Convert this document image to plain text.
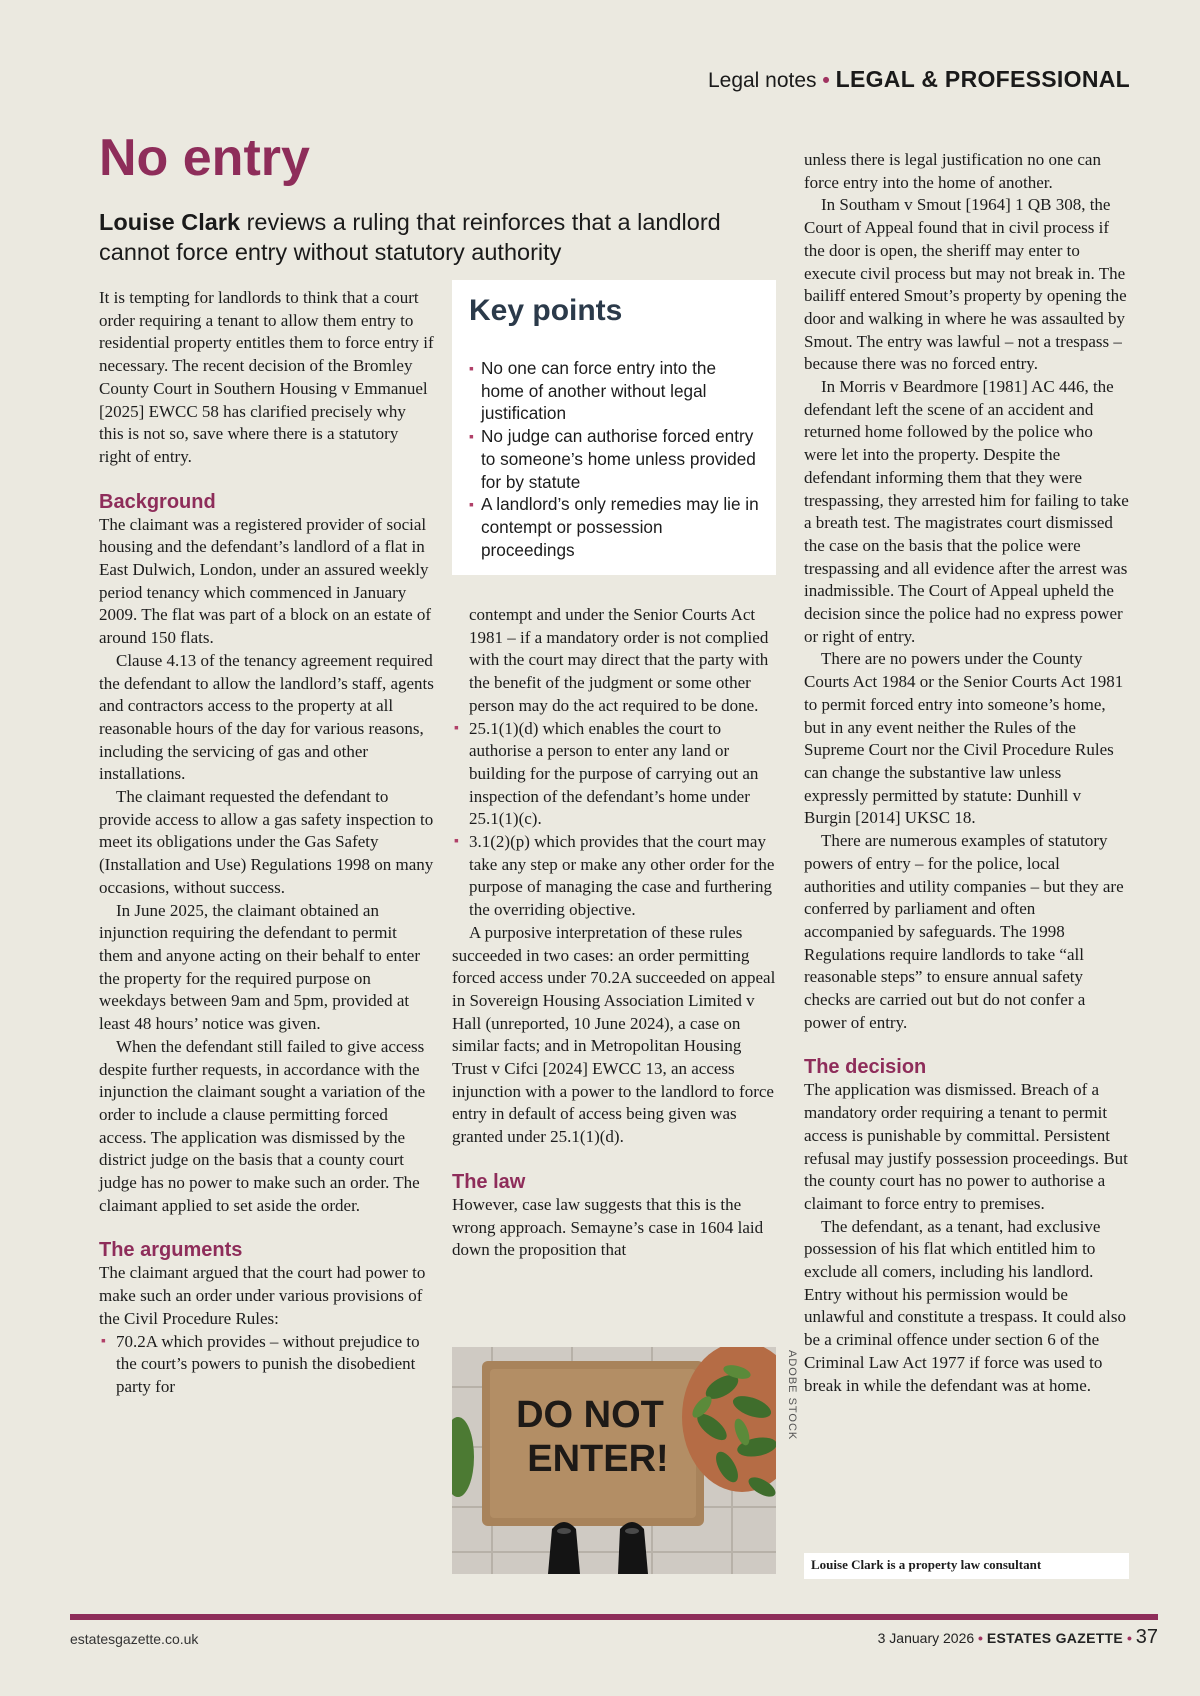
Legal notes • LEGAL & PROFESSIONAL
No entry

Louise Clark reviews a ruling that reinforces that a landlord cannot force entry without statutory authority

It is tempting for landlords to think that a court order requiring a tenant to allow them entry to residential property entitles them to force entry if necessary. The recent decision of the Bromley County Court in Southern Housing v Emmanuel [2025] EWCC 58 has clarified precisely why this is not so, save where there is a statutory right of entry.

Background

The claimant was a registered provider of social housing and the defendant’s landlord of a flat in East Dulwich, London, under an assured weekly period tenancy which commenced in January 2009. The flat was part of a block on an estate of around 150 flats.

Clause 4.13 of the tenancy agreement required the defendant to allow the landlord’s staff, agents and contractors access to the property at all reasonable hours of the day for various reasons, including the servicing of gas and other installations.

The claimant requested the defendant to provide access to allow a gas safety inspection to meet its obligations under the Gas Safety (Installation and Use) Regulations 1998 on many occasions, without success.

In June 2025, the claimant obtained an injunction requiring the defendant to permit them and anyone acting on their behalf to enter the property for the required purpose on weekdays between 9am and 5pm, provided at least 48 hours’ notice was given.

When the defendant still failed to give access despite further requests, in accordance with the injunction the claimant sought a variation of the order to include a clause permitting forced access. The application was dismissed by the district judge on the basis that a county court judge has no power to make such an order. The claimant applied to set aside the order.

The arguments

The claimant argued that the court had power to make such an order under various provisions of the Civil Procedure Rules:

▪ 70.2A which provides – without prejudice to the court’s powers to punish the disobedient party for
Key points
▪ No one can force entry into the home of another without legal justification
▪ No judge can authorise forced entry to someone’s home unless provided for by statute
▪ A landlord’s only remedies may lie in contempt or possession proceedings
contempt and under the Senior Courts Act 1981 – if a mandatory order is not complied with the court may direct that the party with the benefit of the judgment or some other person may do the act required to be done.
▪ 25.1(1)(d) which enables the court to authorise a person to enter any land or building for the purpose of carrying out an inspection of the defendant’s home under 25.1(1)(c).
▪ 3.1(2)(p) which provides that the court may take any step or make any other order for the purpose of managing the case and furthering the overriding objective.

A purposive interpretation of these rules succeeded in two cases: an order permitting forced access under 70.2A succeeded on appeal in Sovereign Housing Association Limited v Hall (unreported, 10 June 2024), a case on similar facts; and in Metropolitan Housing Trust v Cifci [2024] EWCC 13, an access injunction with a power to the landlord to force entry in default of access being given was granted under 25.1(1)(d).

The law

However, case law suggests that this is the wrong approach. Semayne’s case in 1604 laid down the proposition that

DO NOT
ENTER!
ADOBE STOCK

unless there is legal justification no one can force entry into the home of another.

In Southam v Smout [1964] 1 QB 308, the Court of Appeal found that in civil process if the door is open, the sheriff may enter to execute civil process but may not break in. The bailiff entered Smout’s property by opening the door and walking in where he was assaulted by Smout. The entry was lawful – not a trespass – because there was no forced entry.

In Morris v Beardmore [1981] AC 446, the defendant left the scene of an accident and returned home followed by the police who were let into the property. Despite the defendant informing them that they were trespassing, they arrested him for failing to take a breath test. The magistrates court dismissed the case on the basis that the police were trespassing and all evidence after the arrest was inadmissible. The Court of Appeal upheld the decision since the police had no express power or right of entry.

There are no powers under the County Courts Act 1984 or the Senior Courts Act 1981 to permit forced entry into someone’s home, but in any event neither the Rules of the Supreme Court nor the Civil Procedure Rules can change the substantive law unless expressly permitted by statute: Dunhill v Burgin [2014] UKSC 18.

There are numerous examples of statutory powers of entry – for the police, local authorities and utility companies – but they are conferred by parliament and often accompanied by safeguards. The 1998 Regulations require landlords to take “all reasonable steps” to ensure annual safety checks are carried out but do not confer a power of entry.

The decision

The application was dismissed. Breach of a mandatory order requiring a tenant to permit access is punishable by committal. Persistent refusal may justify possession proceedings. But the county court has no power to authorise a claimant to force entry to premises.

The defendant, as a tenant, had exclusive possession of his flat which entitled him to exclude all comers, including his landlord. Entry without his permission would be unlawful and constitute a trespass. It could also be a criminal offence under section 6 of the Criminal Law Act 1977 if force was used to break in while the defendant was at home.

Louise Clark is a property law consultant
estatesgazette.co.uk	3 January 2026 • ESTATES GAZETTE • 37
